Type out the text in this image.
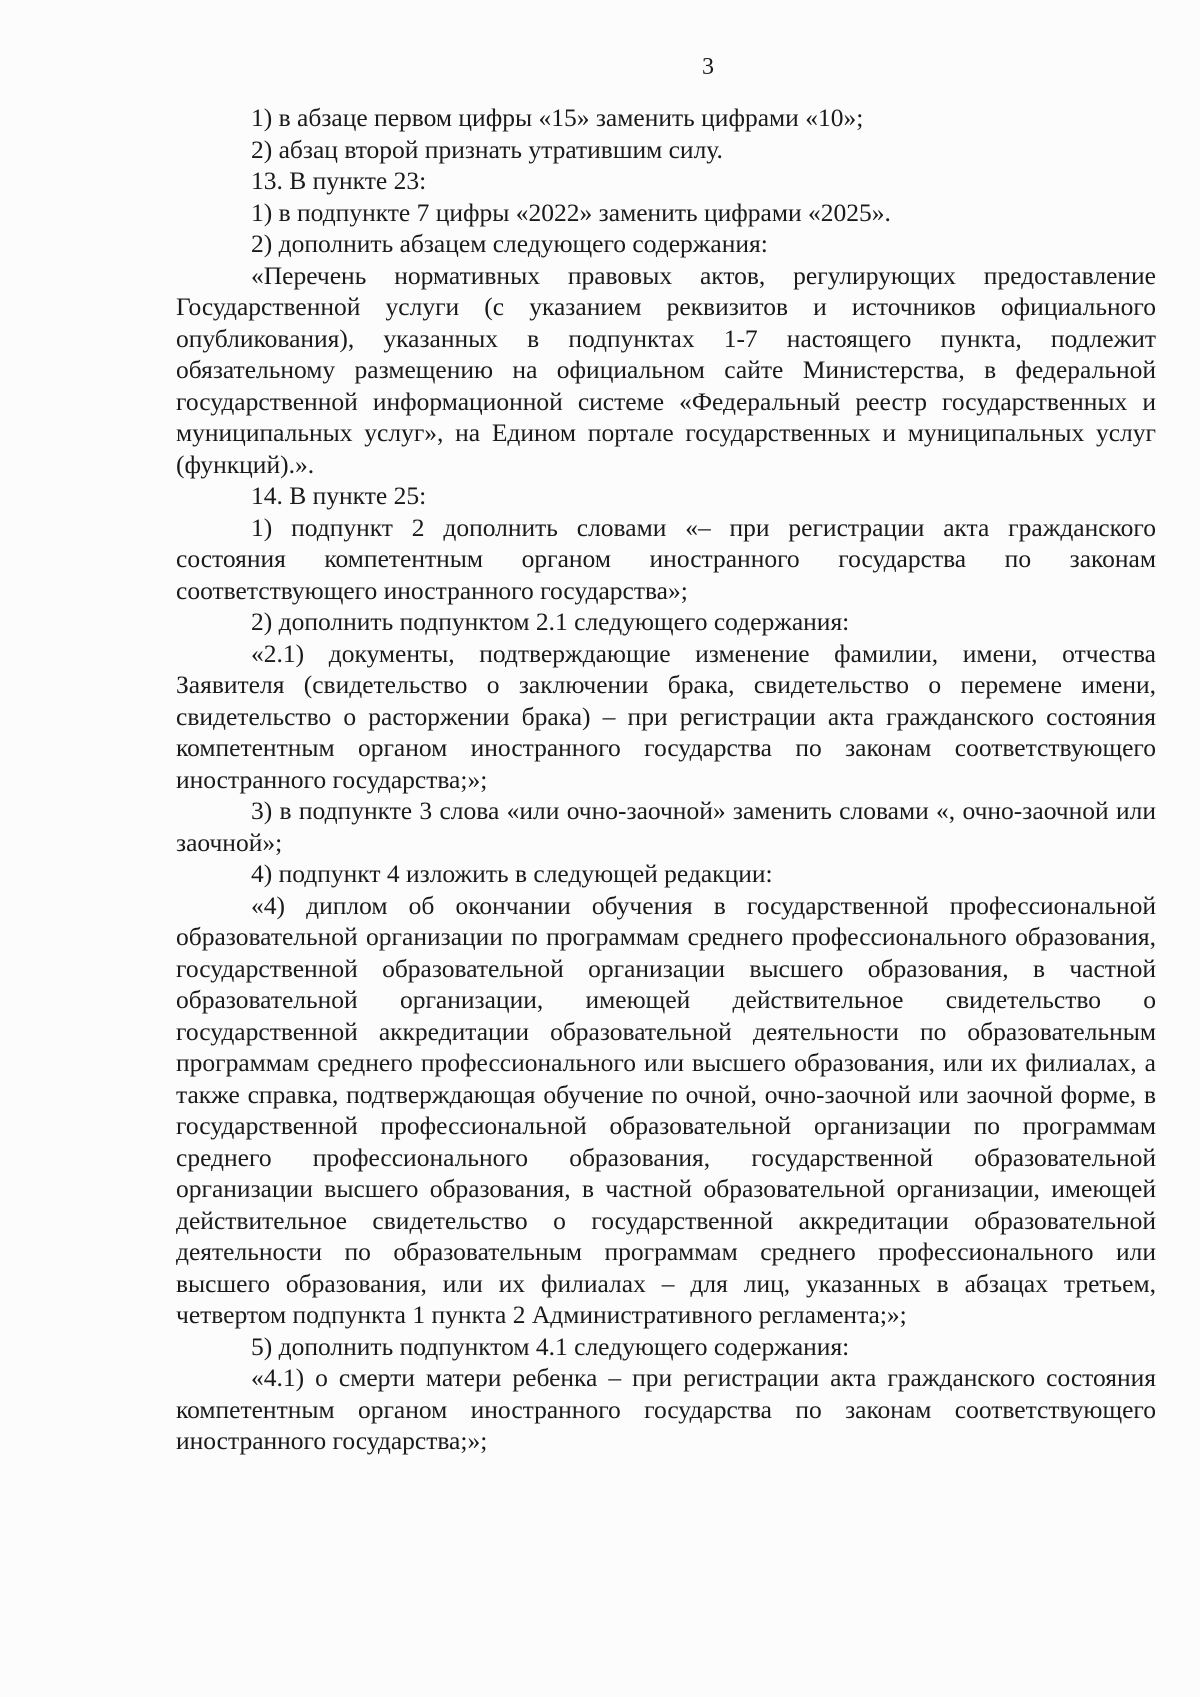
3

1) в абзаце первом цифры «15» заменить цифрами «10»;

2) абзац второй признать утратившим силу.

13. В пункте 23:

1) в подпункте 7 цифры «2022» заменить цифрами «2025».

2) дополнить абзацем следующего содержания:

«Перечень нормативных правовых актов, регулирующих предоставление Государственной услуги (с указанием реквизитов и источников официального опубликования), указанных в подпунктах 1-7 настоящего пункта, подлежит обязательному размещению на официальном сайте Министерства, в федеральной государственной информационной системе «Федеральный реестр государственных и муниципальных услуг», на Едином портале государственных и муниципальных услуг (функций).».

14. В пункте 25:

1) подпункт 2 дополнить словами «– при регистрации акта гражданского состояния компетентным органом иностранного государства по законам соответствующего иностранного государства»;

2) дополнить подпунктом 2.1 следующего содержания:

«2.1) документы, подтверждающие изменение фамилии, имени, отчества Заявителя (свидетельство о заключении брака, свидетельство о перемене имени, свидетельство о расторжении брака) – при регистрации акта гражданского состояния компетентным органом иностранного государства по законам соответствующего иностранного государства;»;

3) в подпункте 3 слова «или очно-заочной» заменить словами «, очно-заочной или заочной»;

4) подпункт 4 изложить в следующей редакции:

«4) диплом об окончании обучения в государственной профессиональной образовательной организации по программам среднего профессионального образования, государственной образовательной организации высшего образования, в частной образовательной организации, имеющей действительное свидетельство о государственной аккредитации образовательной деятельности по образовательным программам среднего профессионального или высшего образования, или их филиалах, а также справка, подтверждающая обучение по очной, очно-заочной или заочной форме, в государственной профессиональной образовательной организации по программам среднего профессионального образования, государственной образовательной организации высшего образования, в частной образовательной организации, имеющей действительное свидетельство о государственной аккредитации образовательной деятельности по образовательным программам среднего профессионального или высшего образования, или их филиалах – для лиц, указанных в абзацах третьем, четвертом подпункта 1 пункта 2 Административного регламента;»;

5) дополнить подпунктом 4.1 следующего содержания:

«4.1) о смерти матери ребенка – при регистрации акта гражданского состояния компетентным органом иностранного государства по законам соответствующего иностранного государства;»;
